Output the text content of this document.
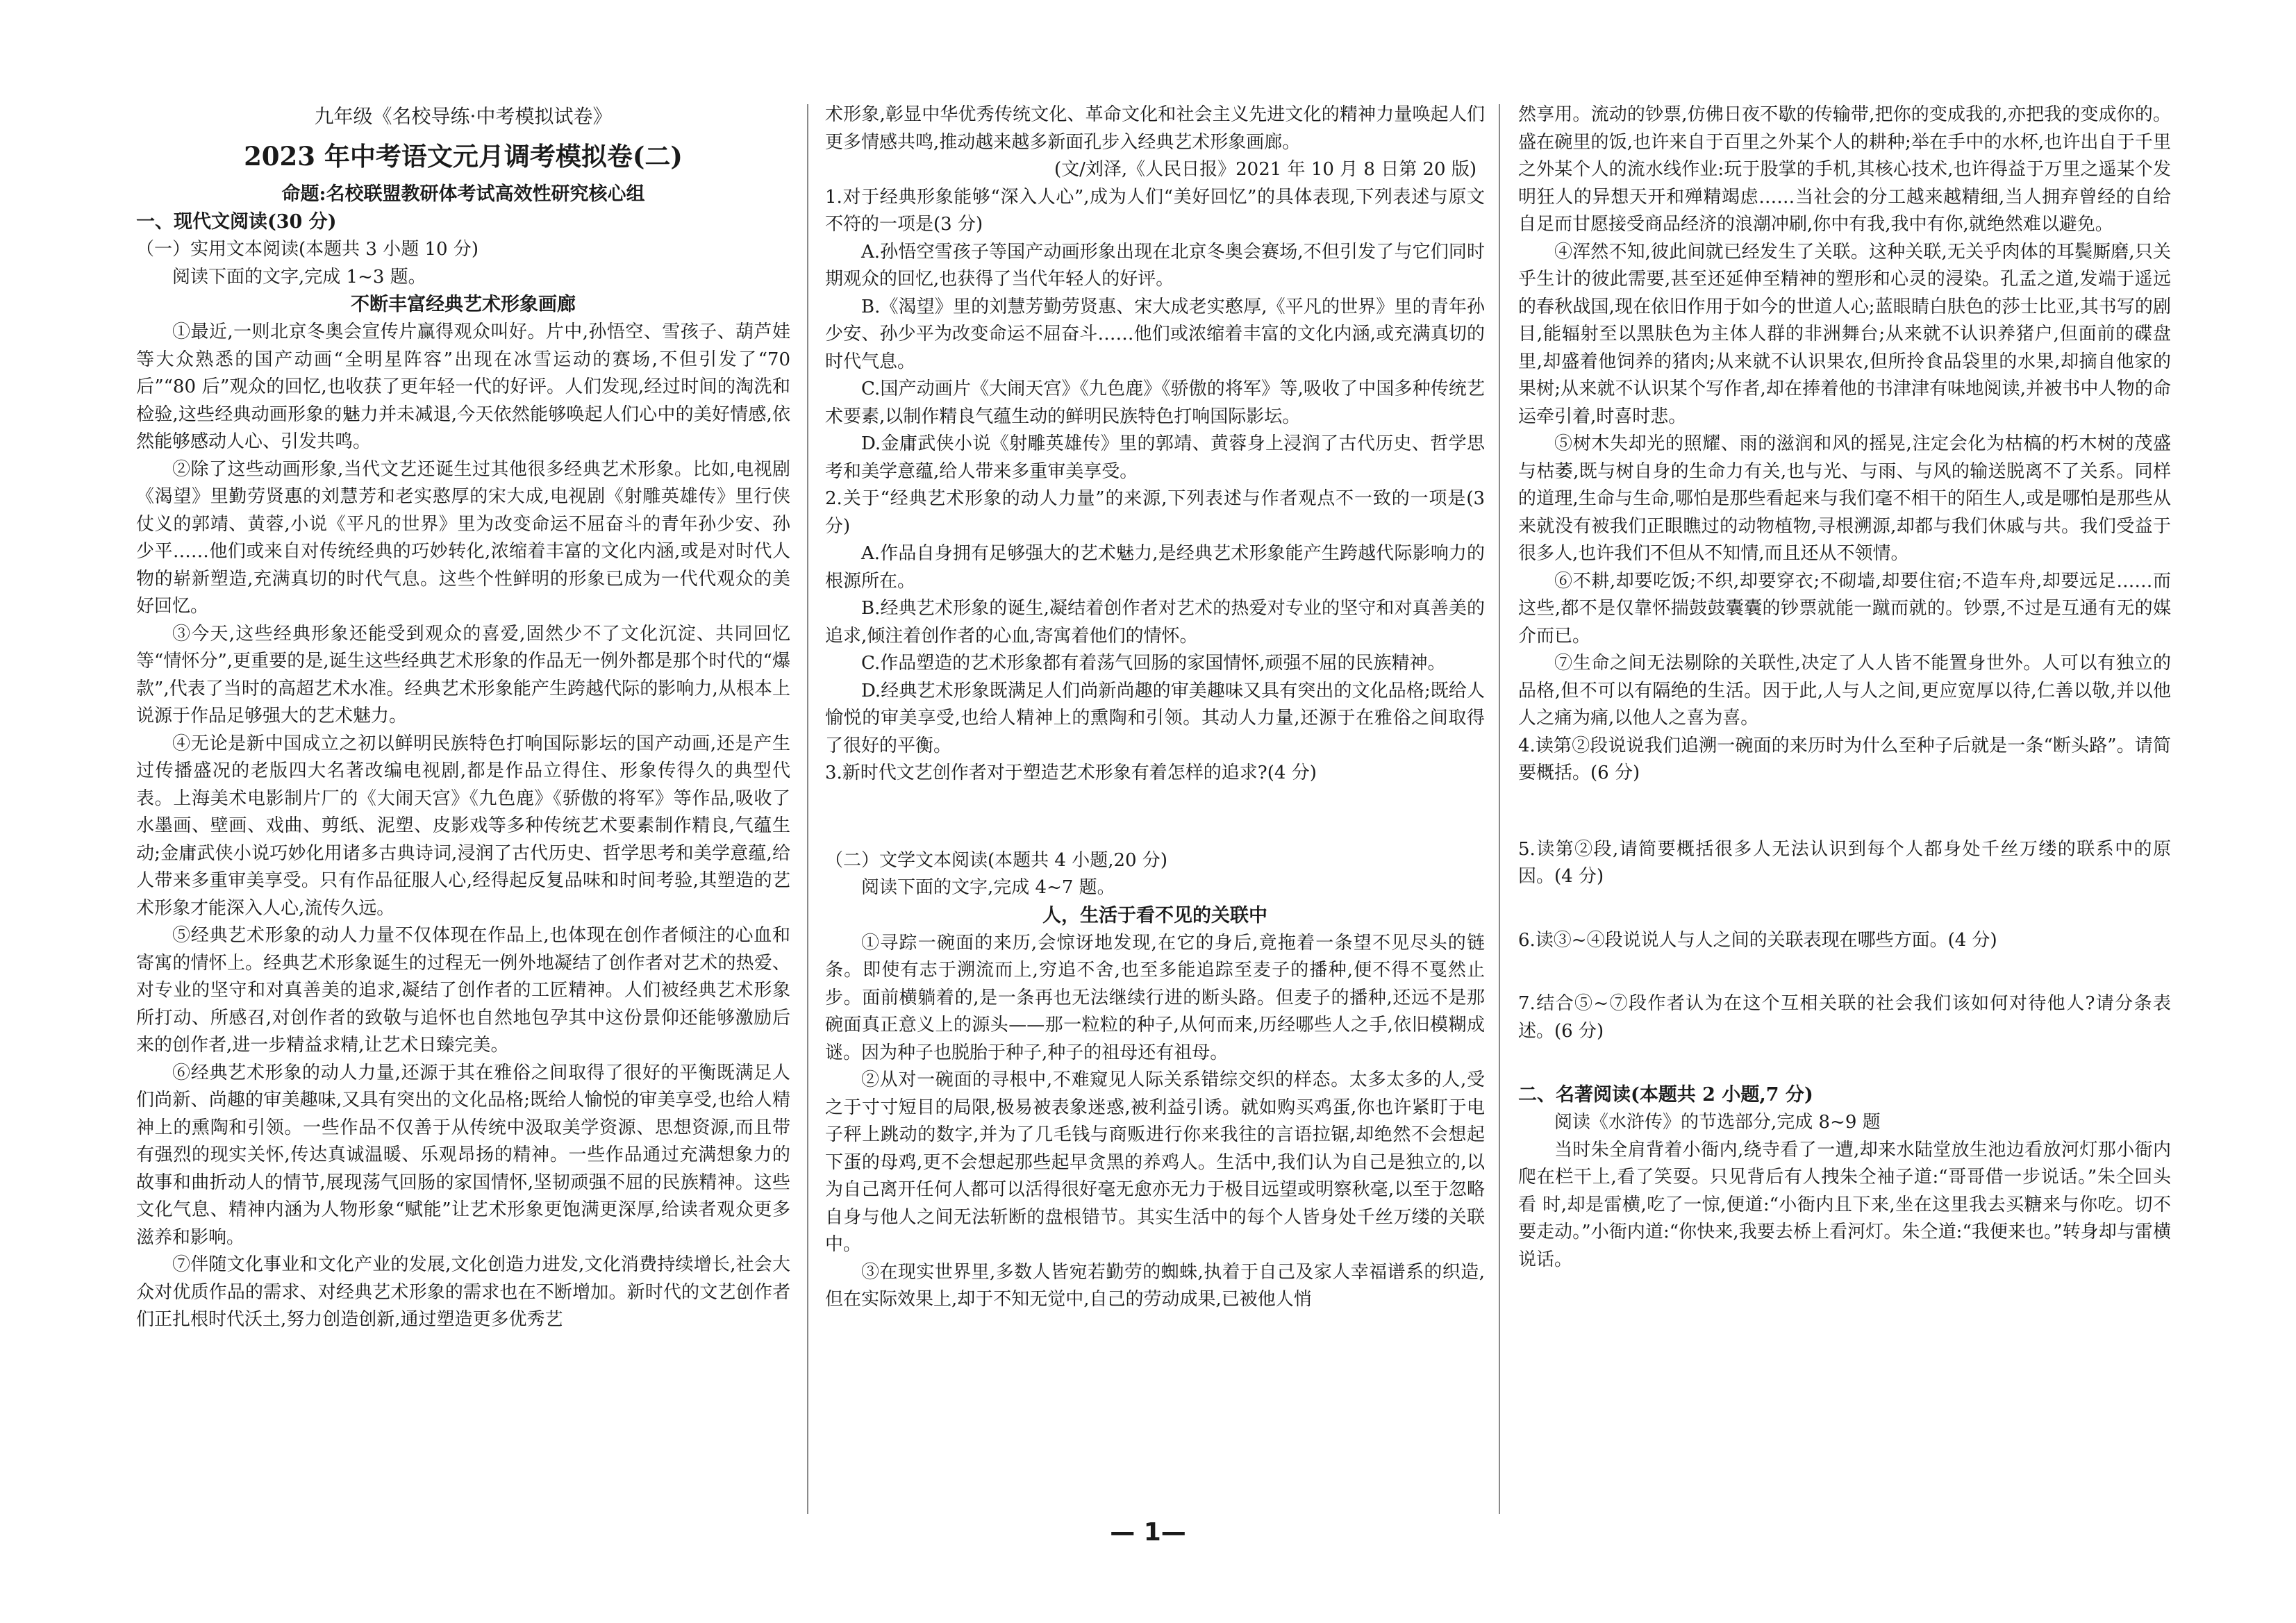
九年级《名校导练·中考模拟试卷》

2023 年中考语文元月调考模拟卷(二)

命题:名校联盟教研体考试高效性研究核心组

一、现代文阅读(30 分)

（一）实用文本阅读(本题共 3 小题 10 分)

阅读下面的文字,完成 1~3 题。

不断丰富经典艺术形象画廊

①最近,一则北京冬奥会宣传片赢得观众叫好。片中,孙悟空、雪孩子、葫芦娃等大众熟悉的国产动画“全明星阵容”出现在冰雪运动的赛场,不但引发了“70 后”“80 后”观众的回忆,也收获了更年轻一代的好评。人们发现,经过时间的淘洗和检验,这些经典动画形象的魅力并未减退,今天依然能够唤起人们心中的美好情感,依然能够感动人心、引发共鸣。

②除了这些动画形象,当代文艺还诞生过其他很多经典艺术形象。比如,电视剧《渴望》里勤劳贤惠的刘慧芳和老实憨厚的宋大成,电视剧《射雕英雄传》里行侠仗义的郭靖、黄蓉,小说《平凡的世界》里为改变命运不屈奋斗的青年孙少安、孙少平……他们或来自对传统经典的巧妙转化,浓缩着丰富的文化内涵,或是对时代人物的崭新塑造,充满真切的时代气息。这些个性鲜明的形象已成为一代代观众的美好回忆。

③今天,这些经典形象还能受到观众的喜爱,固然少不了文化沉淀、共同回忆等“情怀分”,更重要的是,诞生这些经典艺术形象的作品无一例外都是那个时代的“爆款”,代表了当时的高超艺术水准。经典艺术形象能产生跨越代际的影响力,从根本上说源于作品足够强大的艺术魅力。

④无论是新中国成立之初以鲜明民族特色打响国际影坛的国产动画,还是产生过传播盛况的老版四大名著改编电视剧,都是作品立得住、形象传得久的典型代表。上海美术电影制片厂的《大闹天宫》《九色鹿》《骄傲的将军》等作品,吸收了水墨画、壁画、戏曲、剪纸、泥塑、皮影戏等多种传统艺术要素制作精良,气蕴生动;金庸武侠小说巧妙化用诸多古典诗词,浸润了古代历史、哲学思考和美学意蕴,给人带来多重审美享受。只有作品征服人心,经得起反复品味和时间考验,其塑造的艺术形象才能深入人心,流传久远。

⑤经典艺术形象的动人力量不仅体现在作品上,也体现在创作者倾注的心血和寄寓的情怀上。经典艺术形象诞生的过程无一例外地凝结了创作者对艺术的热爱、对专业的坚守和对真善美的追求,凝结了创作者的工匠精神。人们被经典艺术形象所打动、所感召,对创作者的致敬与追怀也自然地包孕其中这份景仰还能够激励后来的创作者,进一步精益求精,让艺术日臻完美。

⑥经典艺术形象的动人力量,还源于其在雅俗之间取得了很好的平衡既满足人们尚新、尚趣的审美趣味,又具有突出的文化品格;既给人愉悦的审美享受,也给人精神上的熏陶和引领。一些作品不仅善于从传统中汲取美学资源、思想资源,而且带有强烈的现实关怀,传达真诚温暖、乐观昂扬的精神。一些作品通过充满想象力的故事和曲折动人的情节,展现荡气回肠的家国情怀,坚韧顽强不屈的民族精神。这些文化气息、精神内涵为人物形象“赋能”让艺术形象更饱满更深厚,给读者观众更多滋养和影响。

⑦伴随文化事业和文化产业的发展,文化创造力进发,文化消费持续增长,社会大众对优质作品的需求、对经典艺术形象的需求也在不断增加。新时代的文艺创作者们正扎根时代沃土,努力创造创新,通过塑造更多优秀艺

术形象,彰显中华优秀传统文化、革命文化和社会主义先进文化的精神力量唤起人们更多情感共鸣,推动越来越多新面孔步入经典艺术形象画廊。

(文/刘泽,《人民日报》2021 年 10 月 8 日第 20 版)

1.对于经典形象能够“深入人心”,成为人们“美好回忆”的具体表现,下列表述与原文不符的一项是(3 分)

A.孙悟空雪孩子等国产动画形象出现在北京冬奥会赛场,不但引发了与它们同时期观众的回忆,也获得了当代年轻人的好评。

B.《渴望》里的刘慧芳勤劳贤惠、宋大成老实憨厚,《平凡的世界》里的青年孙少安、孙少平为改变命运不屈奋斗……他们或浓缩着丰富的文化内涵,或充满真切的时代气息。

C.国产动画片《大闹天宫》《九色鹿》《骄傲的将军》等,吸收了中国多种传统艺术要素,以制作精良气蕴生动的鲜明民族特色打响国际影坛。

D.金庸武侠小说《射雕英雄传》里的郭靖、黄蓉身上浸润了古代历史、哲学思考和美学意蕴,给人带来多重审美享受。

2.关于“经典艺术形象的动人力量”的来源,下列表述与作者观点不一致的一项是(3 分)

A.作品自身拥有足够强大的艺术魅力,是经典艺术形象能产生跨越代际影响力的根源所在。

B.经典艺术形象的诞生,凝结着创作者对艺术的热爱对专业的坚守和对真善美的追求,倾注着创作者的心血,寄寓着他们的情怀。

C.作品塑造的艺术形象都有着荡气回肠的家国情怀,顽强不屈的民族精神。

D.经典艺术形象既满足人们尚新尚趣的审美趣味又具有突出的文化品格;既给人愉悦的审美享受,也给人精神上的熏陶和引领。其动人力量,还源于在雅俗之间取得了很好的平衡。

3.新时代文艺创作者对于塑造艺术形象有着怎样的追求?(4 分)

（二）文学文本阅读(本题共 4 小题,20 分)

阅读下面的文字,完成 4~7 题。

人，生活于看不见的关联中

①寻踪一碗面的来历,会惊讶地发现,在它的身后,竟拖着一条望不见尽头的链条。即使有志于溯流而上,穷追不舍,也至多能追踪至麦子的播种,便不得不戛然止步。面前横躺着的,是一条再也无法继续行进的断头路。但麦子的播种,还远不是那碗面真正意义上的源头——那一粒粒的种子,从何而来,历经哪些人之手,依旧模糊成谜。因为种子也脱胎于种子,种子的祖母还有祖母。

②从对一碗面的寻根中,不难窥见人际关系错综交织的样态。太多太多的人,受之于寸寸短目的局限,极易被表象迷惑,被利益引诱。就如购买鸡蛋,你也许紧盯于电子秤上跳动的数字,并为了几毛钱与商贩进行你来我往的言语拉锯,却绝然不会想起下蛋的母鸡,更不会想起那些起早贪黑的养鸡人。生活中,我们认为自己是独立的,以为自己离开任何人都可以活得很好毫无愈亦无力于极目远望或明察秋毫,以至于忽略自身与他人之间无法斩断的盘根错节。其实生活中的每个人皆身处千丝万缕的关联中。

③在现实世界里,多数人皆宛若勤劳的蜘蛛,执着于自己及家人幸福谱系的织造,但在实际效果上,却于不知无觉中,自己的劳动成果,已被他人悄

然享用。流动的钞票,仿佛日夜不歇的传输带,把你的变成我的,亦把我的变成你的。盛在碗里的饭,也许来自于百里之外某个人的耕种;举在手中的水杯,也许出自于千里之外某个人的流水线作业:玩于股掌的手机,其核心技术,也许得益于万里之遥某个发明狂人的异想天开和殚精竭虑……当社会的分工越来越精细,当人拥弃曾经的自给自足而甘愿接受商品经济的浪潮冲刷,你中有我,我中有你,就绝然难以避免。

④浑然不知,彼此间就已经发生了关联。这种关联,无关乎肉体的耳鬓厮磨,只关乎生计的彼此需要,甚至还延伸至精神的塑形和心灵的浸染。孔孟之道,发端于遥远的春秋战国,现在依旧作用于如今的世道人心;蓝眼睛白肤色的莎士比亚,其书写的剧目,能辐射至以黑肤色为主体人群的非洲舞台;从来就不认识养猪户,但面前的碟盘里,却盛着他饲养的猪肉;从来就不认识果农,但所拎食品袋里的水果,却摘自他家的果树;从来就不认识某个写作者,却在捧着他的书津津有味地阅读,并被书中人物的命运牵引着,时喜时悲。

⑤树木失却光的照耀、雨的滋润和风的摇晃,注定会化为枯槁的朽木树的茂盛与枯萎,既与树自身的生命力有关,也与光、与雨、与风的输送脱离不了关系。同样的道理,生命与生命,哪怕是那些看起来与我们毫不相干的陌生人,或是哪怕是那些从来就没有被我们正眼瞧过的动物植物,寻根溯源,却都与我们休戚与共。我们受益于很多人,也许我们不但从不知情,而且还从不领情。

⑥不耕,却要吃饭;不织,却要穿衣;不砌墙,却要住宿;不造车舟,却要远足……而这些,都不是仅靠怀揣鼓鼓囊囊的钞票就能一蹴而就的。钞票,不过是互通有无的媒介而已。

⑦生命之间无法剔除的关联性,决定了人人皆不能置身世外。人可以有独立的品格,但不可以有隔绝的生活。因于此,人与人之间,更应宽厚以待,仁善以敬,并以他人之痛为痛,以他人之喜为喜。

4.读第②段说说我们追溯一碗面的来历时为什么至种子后就是一条“断头路”。请简要概括。(6 分)

5.读第②段,请简要概括很多人无法认识到每个人都身处千丝万缕的联系中的原因。(4 分)

6.读③~④段说说人与人之间的关联表现在哪些方面。(4 分)

7.结合⑤~⑦段作者认为在这个互相关联的社会我们该如何对待他人?请分条表述。(6 分)

二、名著阅读(本题共 2 小题,7 分)

阅读《水浒传》的节选部分,完成 8~9 题

当时朱全肩背着小衙内,绕寺看了一遭,却来水陆堂放生池边看放河灯那小衙内爬在栏干上,看了笑耍。只见背后有人拽朱仝袖子道:“哥哥借一步说话。”朱仝回头看 时,却是雷横,吃了一惊,便道:“小衙内且下来,坐在这里我去买糖来与你吃。切不要走动。”小衙内道:“你快来,我要去桥上看河灯。朱仝道:“我便来也。”转身却与雷横说话。

— 1—
